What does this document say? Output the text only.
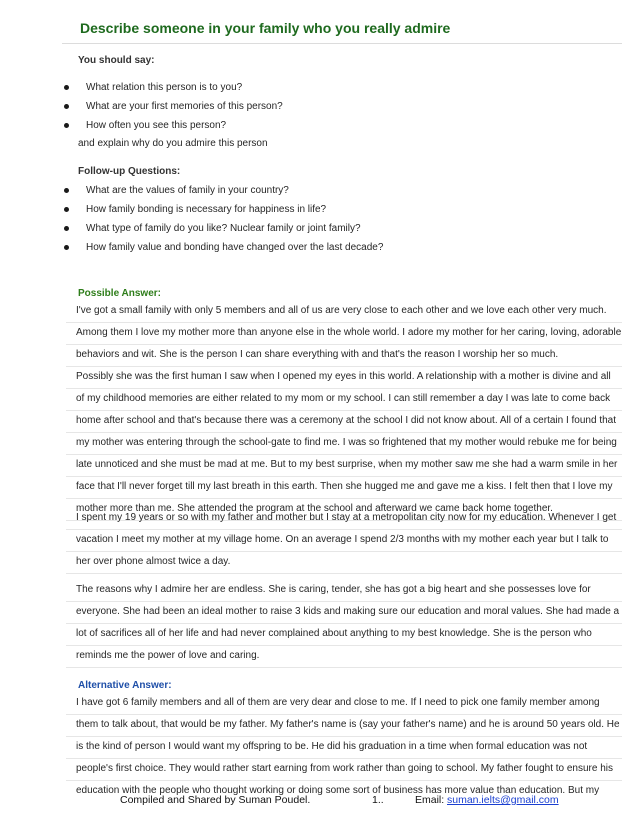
Describe someone in your family who you really admire
You should say:
What relation this person is to you?
What are your first memories of this person?
How often you see this person?
and explain why do you admire this person
Follow-up Questions:
What are the values of family in your country?
How family bonding is necessary for happiness in life?
What type of family do you like? Nuclear family or joint family?
How family value and bonding have changed over the last decade?
Possible Answer:
I've got a small family with only 5 members and all of us are very close to each other and we love each other very much.
Among them I love my mother more than anyone else in the whole world. I adore my mother for her caring, loving, adorable
behaviors and wit. She is the person I can share everything with and that's the reason I worship her so much.
Possibly she was the first human I saw when I opened my eyes in this world. A relationship with a mother is divine and all
of my childhood memories are either related to my mom or my school. I can still remember a day I was late to come back
home after school and that's because there was a ceremony at the school I did not know about. All of a certain I found that
my mother was entering through the school-gate to find me. I was so frightened that my mother would rebuke me for being
late unnoticed and she must be mad at me. But to my best surprise, when my mother saw me she had a warm smile in her
face that I'll never forget till my last breath in this earth. Then she hugged me and gave me a kiss. I felt then that I love my
mother more than me. She attended the program at the school and afterward we came back home together.
I spent my 19 years or so with my father and mother but I stay at a metropolitan city now for my education. Whenever I get
vacation I meet my mother at my village home. On an average I spend 2/3 months with my mother each year but I talk to
her over phone almost twice a day.
The reasons why I admire her are endless. She is caring, tender, she has got a big heart and she possesses love for
everyone. She had been an ideal mother to raise 3 kids and making sure our education and moral values. She had made a
lot of sacrifices all of her life and had never complained about anything to my best knowledge. She is the person who
reminds me the power of love and caring.
Alternative Answer:
I have got 6 family members and all of them are very dear and close to me. If I need to pick one family member among
them to talk about, that would be my father. My father's name is (say your father's name) and he is around 50 years old. He
is the kind of person I would want my offspring to be. He did his graduation in a time when formal education was not
people's first choice. They would rather start earning from work rather than going to school. My father fought to ensure his
education with the people who thought working or doing some sort of business has more value than education. But my
Compiled and Shared by Suman Poudel.	1..	Email: suman.ielts@gmail.com
